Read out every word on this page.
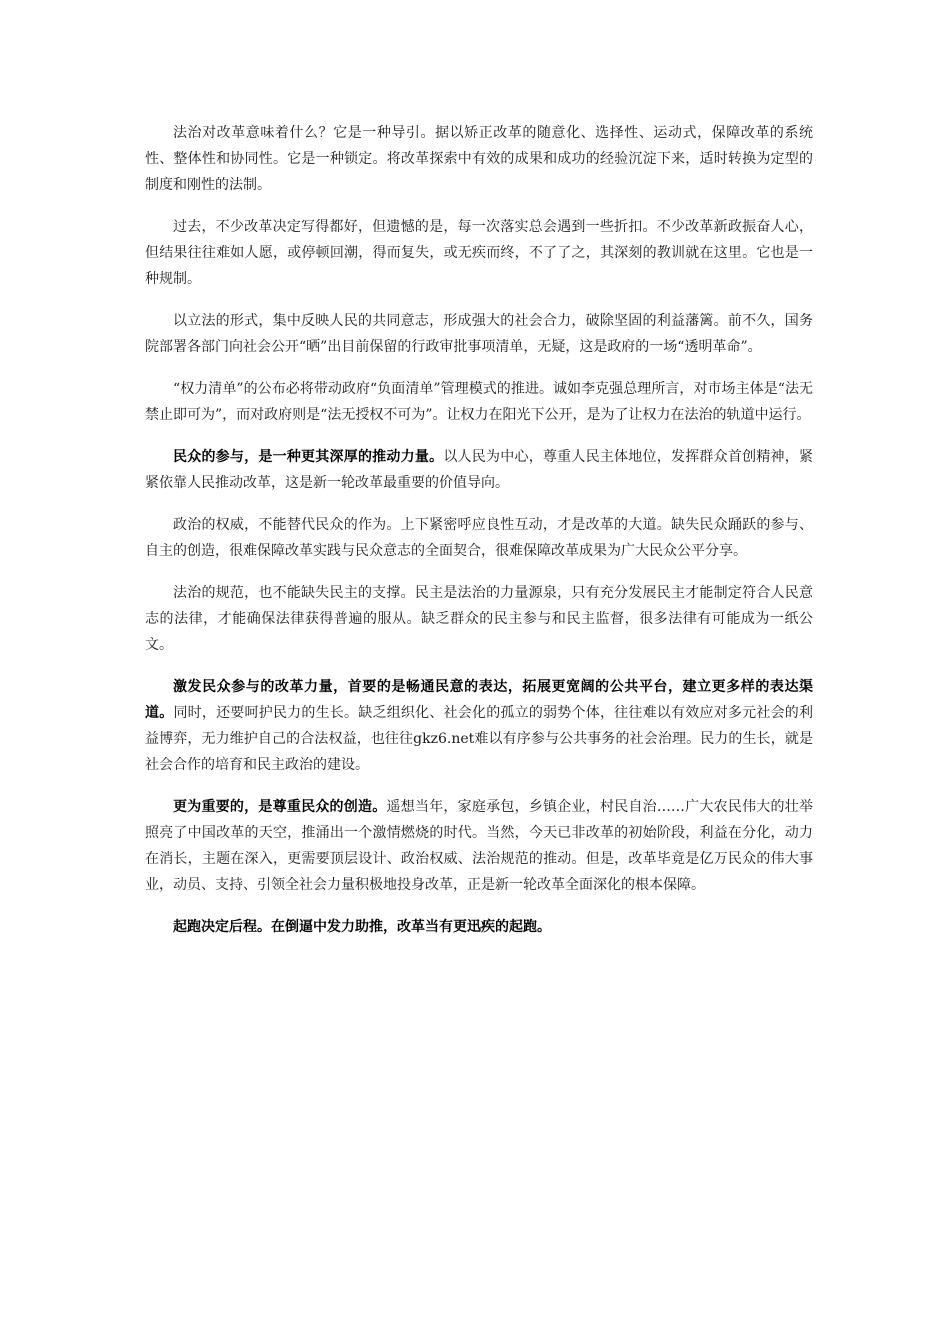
法治对改革意味着什么？它是一种导引。据以矫正改革的随意化、选择性、运动式，保障改革的系统性、整体性和协同性。它是一种锁定。将改革探索中有效的成果和成功的经验沉淀下来，适时转换为定型的制度和刚性的法制。

过去，不少改革决定写得都好，但遗憾的是，每一次落实总会遇到一些折扣。不少改革新政振奋人心，但结果往往难如人愿，或停顿回潮，得而复失，或无疾而终，不了了之，其深刻的教训就在这里。它也是一种规制。

以立法的形式，集中反映人民的共同意志，形成强大的社会合力，破除坚固的利益藩篱。前不久，国务院部署各部门向社会公开“晒”出目前保留的行政审批事项清单，无疑，这是政府的一场“透明革命”。

“权力清单”的公布必将带动政府“负面清单”管理模式的推进。诚如李克强总理所言，对市场主体是“法无禁止即可为”，而对政府则是“法无授权不可为”。让权力在阳光下公开，是为了让权力在法治的轨道中运行。

民众的参与，是一种更其深厚的推动力量。以人民为中心，尊重人民主体地位，发挥群众首创精神，紧紧依靠人民推动改革，这是新一轮改革最重要的价值导向。

政治的权威，不能替代民众的作为。上下紧密呼应良性互动，才是改革的大道。缺失民众踊跃的参与、自主的创造，很难保障改革实践与民众意志的全面契合，很难保障改革成果为广大民众公平分享。

法治的规范，也不能缺失民主的支撑。民主是法治的力量源泉，只有充分发展民主才能制定符合人民意志的法律，才能确保法律获得普遍的服从。缺乏群众的民主参与和民主监督，很多法律有可能成为一纸公文。

激发民众参与的改革力量，首要的是畅通民意的表达，拓展更宽阔的公共平台，建立更多样的表达渠道。同时，还要呵护民力的生长。缺乏组织化、社会化的孤立的弱势个体，往往难以有效应对多元社会的利益博弈，无力维护自己的合法权益，也往往gkz6.net难以有序参与公共事务的社会治理。民力的生长，就是社会合作的培育和民主政治的建设。

更为重要的，是尊重民众的创造。遥想当年，家庭承包，乡镇企业，村民自治……广大农民伟大的壮举照亮了中国改革的天空，推涌出一个激情燃烧的时代。当然，今天已非改革的初始阶段，利益在分化，动力在消长，主题在深入，更需要顶层设计、政治权威、法治规范的推动。但是，改革毕竟是亿万民众的伟大事业，动员、支持、引领全社会力量积极地投身改革，正是新一轮改革全面深化的根本保障。

起跑决定后程。在倒逼中发力助推，改革当有更迅疾的起跑。
